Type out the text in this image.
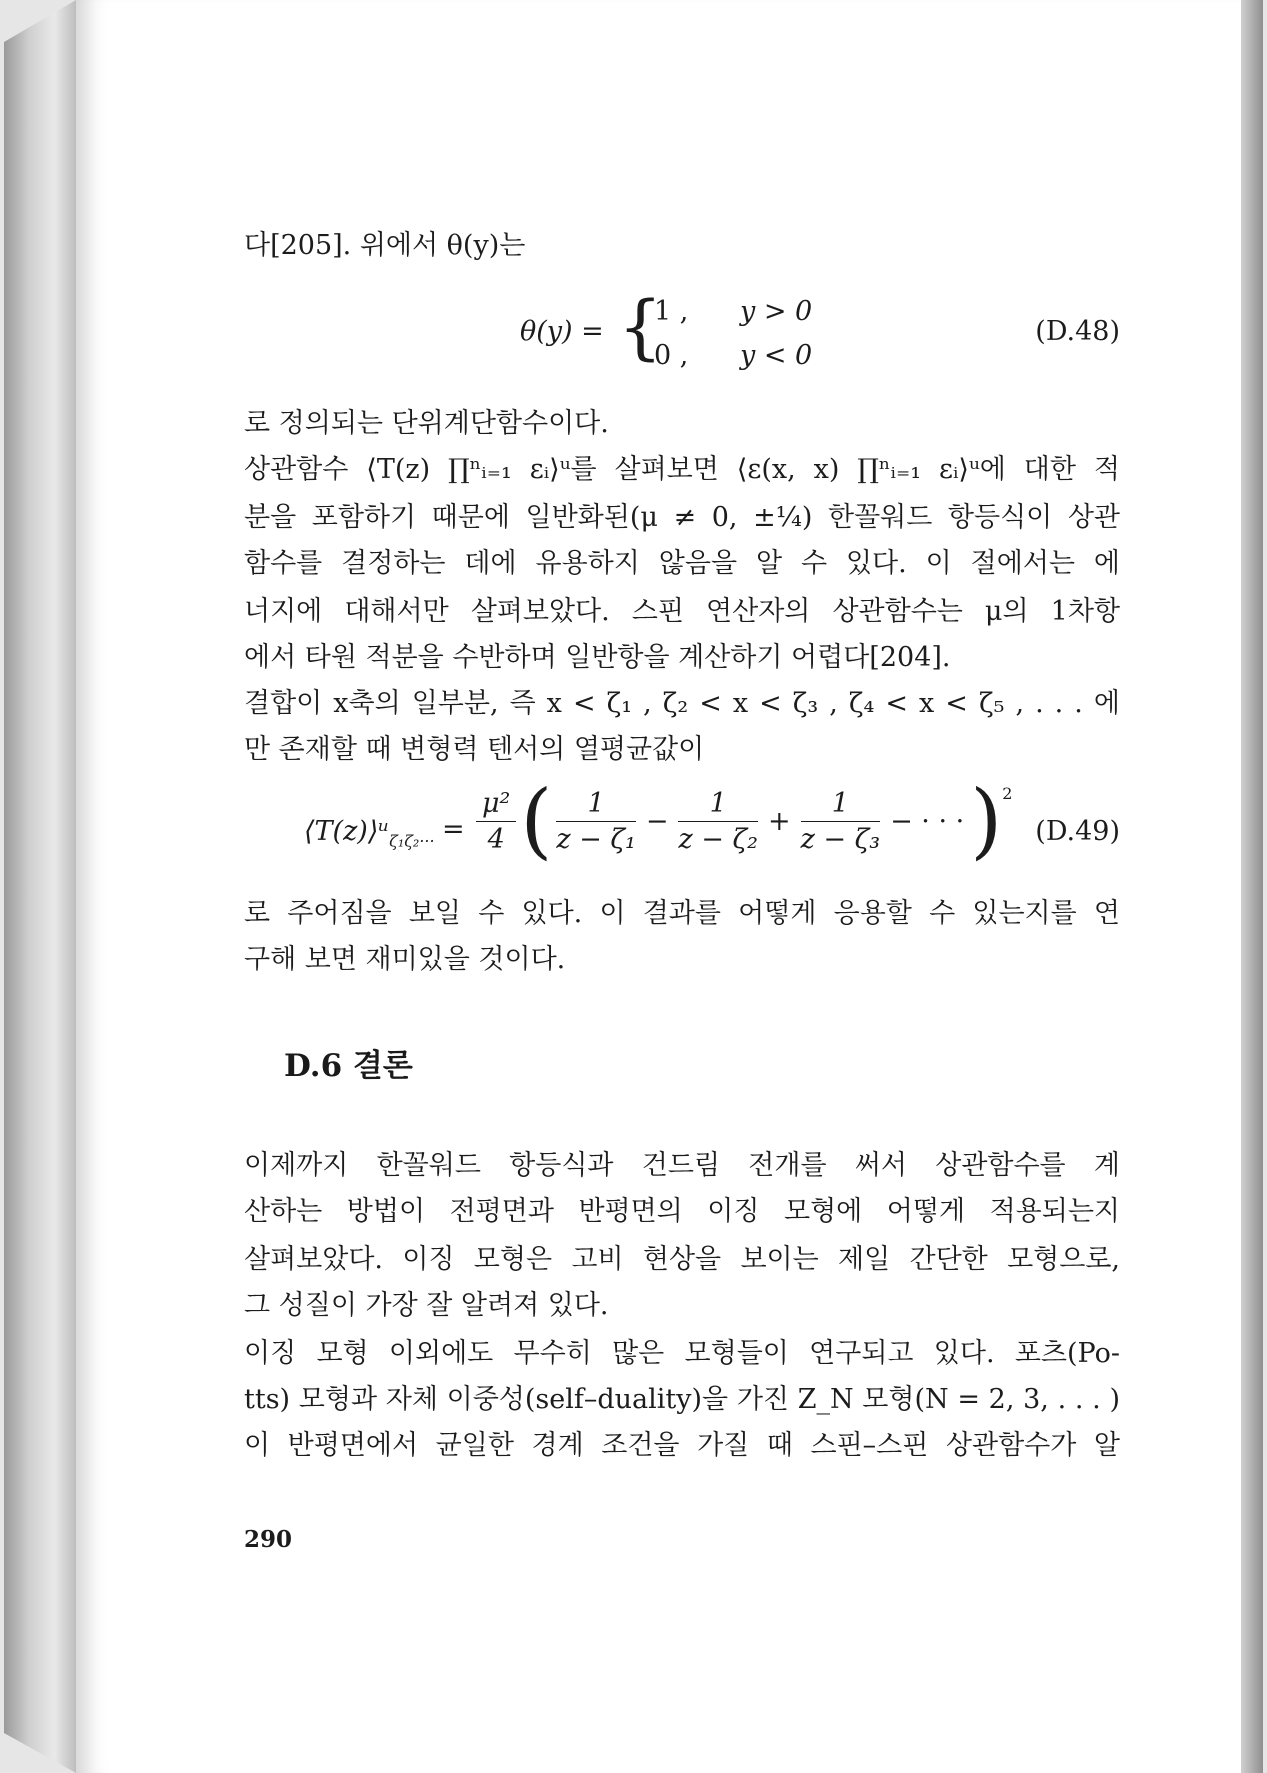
다[205]. 위에서 θ(y)는
θ(y) = {
1 , y > 0
0 , y < 0
(D.48)
로 정의되는 단위계단함수이다.
상관함수 ⟨T(z) ∏ⁿᵢ₌₁ εᵢ⟩ᵘ를 살펴보면 ⟨ε(x, x) ∏ⁿᵢ₌₁ εᵢ⟩ᵘ에 대한 적
분을 포함하기 때문에 일반화된(μ ≠ 0, ±¼) 한꼴워드 항등식이 상관
함수를 결정하는 데에 유용하지 않음을 알 수 있다. 이 절에서는 에
너지에 대해서만 살펴보았다. 스핀 연산자의 상관함수는 μ의 1차항
에서 타원 적분을 수반하며 일반항을 계산하기 어렵다[204].
결합이 x축의 일부분, 즉 x < ζ₁ , ζ₂ < x < ζ₃ , ζ₄ < x < ζ₅ , . . . 에
만 존재할 때 변형력 텐서의 열평균값이
⟨T(z)⟩ᵘ$_{\zeta_1\zeta_2\cdot\cdot\cdot}$ = $\frac{\text{μ²}}{4}$ ( $\frac{1}{\text{z − ζ₁}} - \frac{1}{\text{z − ζ₂}} + \frac{1}{\text{z − ζ₃}}$ − · · ·)$^2$
(D.49)
로 주어짐을 보일 수 있다. 이 결과를 어떻게 응용할 수 있는지를 연
구해 보면 재미있을 것이다.
D.6 결론
이제까지 한꼴워드 항등식과 건드림 전개를 써서 상관함수를 계
산하는 방법이 전평면과 반평면의 이징 모형에 어떻게 적용되는지
살펴보았다. 이징 모형은 고비 현상을 보이는 제일 간단한 모형으로,
그 성질이 가장 잘 알려져 있다.
이징 모형 이외에도 무수히 많은 모형들이 연구되고 있다. 포츠(Po-
tts) 모형과 자체 이중성(self–duality)을 가진 Z_N 모형(N = 2, 3, . . . )
이 반평면에서 균일한 경계 조건을 가질 때 스핀–스핀 상관함수가 알
290
